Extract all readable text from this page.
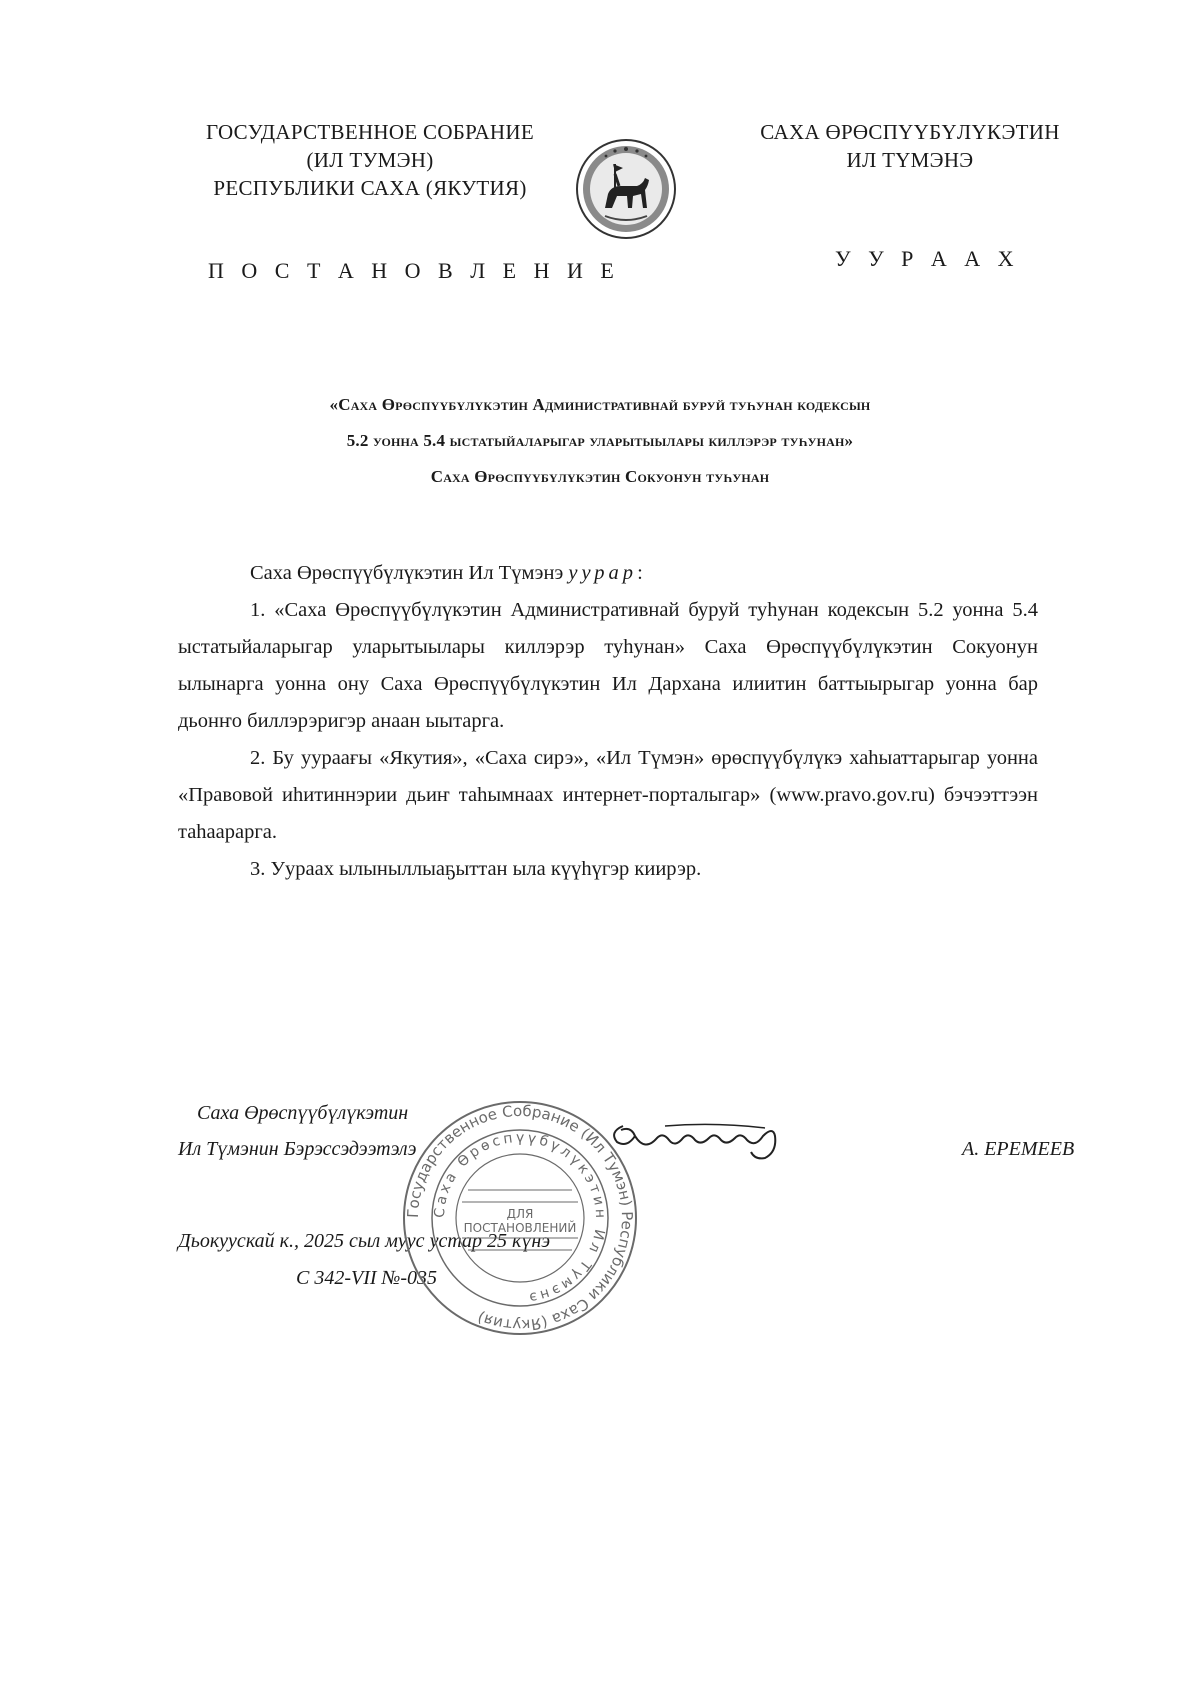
ГОСУДАРСТВЕННОЕ СОБРАНИЕ
(ИЛ ТУМЭН)
РЕСПУБЛИКИ САХА (ЯКУТИЯ)
САХА ӨРӨСПҮҮБҮЛҮКЭТИН
ИЛ ТҮМЭНЭ
П О С Т А Н О В Л Е Н И Е	У У Р А А Х
«Саха Өрөспүүбүлүкэтин Административнай буруй туһунан кодексын
5.2 уонна 5.4 ыстатыйаларыгар уларытыылары киллэрэр туһунан»
Саха Өрөспүүбүлүкэтин Сокуонун туһунан

Саха Өрөспүүбүлүкэтин Ил Түмэнэ уурар:

1. «Саха Өрөспүүбүлүкэтин Административнай буруй туһунан кодексын 5.2 уонна 5.4 ыстатыйаларыгар уларытыылары киллэрэр туһунан» Саха Өрөспүүбүлүкэтин Сокуонун ылынарга уонна ону Саха Өрөспүүбүлүкэтин Ил Дархана илиитин баттыырыгар уонна бар дьонҥо биллэрэригэр анаан ыытарга.

2. Бу уураағы «Якутия», «Саха сирэ», «Ил Түмэн» өрөспүүбүлүкэ хаһыаттарыгар уонна «Правовой иһитиннэрии дьиҥ таһымнаах интернет-порталыгар» (www.pravo.gov.ru) бэчээттээн таһаарарга.

3. Уураах ылыныллыаҕыттан ыла күүһүгэр киирэр.

Саха Өрөспүүбүлүкэтин
Ил Түмэнин Бэрэссэдээтэлэ	А. ЕРЕМЕЕВ
Дьокуускай к., 2025 сыл муус устар 25 күнэ
С 342-VII №-035
Государственное Собрание (Ил Тумэн) Республики Саха (Якутия)
Саха Өрөспүүбүлүкэтин Ил Түмэнэ
ДЛЯ
ПОСТАНОВЛЕНИЙ
